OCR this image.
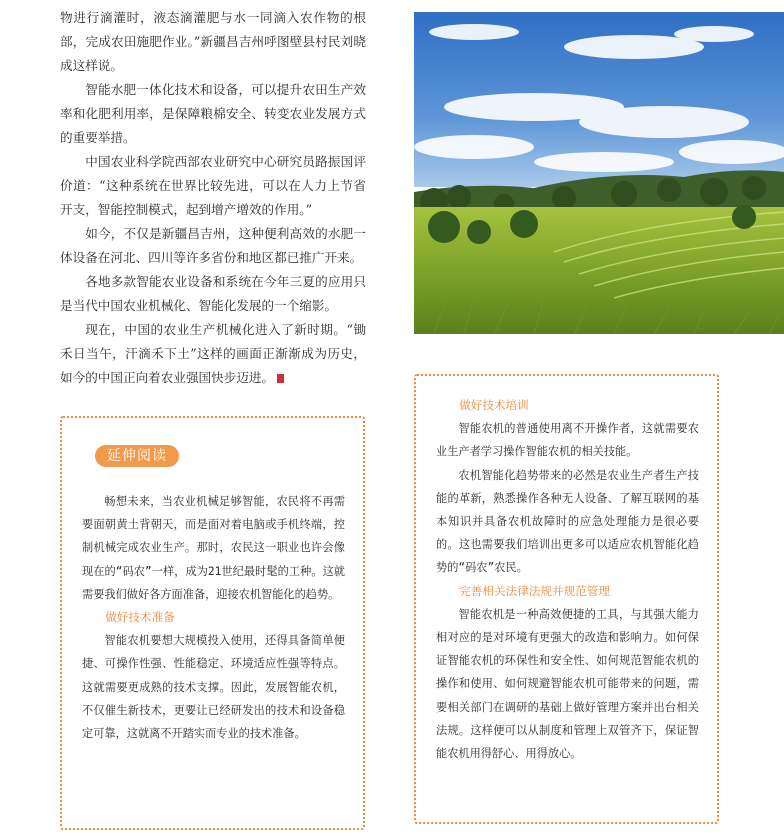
物进行滴灌时，液态滴灌肥与水一同滴入农作物的根部，完成农田施肥作业。”新疆昌吉州呼图壁县村民刘晓成这样说。

智能水肥一体化技术和设备，可以提升农田生产效率和化肥利用率，是保障粮棉安全、转变农业发展方式的重要举措。

中国农业科学院西部农业研究中心研究员路振国评价道：“这种系统在世界比较先进，可以在人力上节省开支，智能控制模式，起到增产增效的作用。”

如今，不仅是新疆昌吉州，这种便利高效的水肥一体设备在河北、四川等许多省份和地区都已推广开来。

各地多款智能农业设备和系统在今年三夏的应用只是当代中国农业机械化、智能化发展的一个缩影。

现在，中国的农业生产机械化进入了新时期。“锄禾日当午，汗滴禾下土”这样的画面正渐渐成为历史，如今的中国正向着农业强国快步迈进。

延伸阅读

畅想未来，当农业机械足够智能，农民将不再需要面朝黄土背朝天，而是面对着电脑或手机终端，控制机械完成农业生产。那时，农民这一职业也许会像现在的“码农”一样，成为21世纪最时髦的工种。这就需要我们做好各方面准备，迎接农机智能化的趋势。

做好技术准备

智能农机要想大规模投入使用，还得具备简单便捷、可操作性强、性能稳定、环境适应性强等特点。这就需要更成熟的技术支撑。因此，发展智能农机，不仅催生新技术，更要让已经研发出的技术和设备稳定可靠，这就离不开踏实而专业的技术准备。

做好技术培训

智能农机的普通使用离不开操作者，这就需要农业生产者学习操作智能农机的相关技能。

农机智能化趋势带来的必然是农业生产者生产技能的革新，熟悉操作各种无人设备、了解互联网的基本知识并具备农机故障时的应急处理能力是很必要的。这也需要我们培训出更多可以适应农机智能化趋势的“码农”农民。

完善相关法律法规并规范管理

智能农机是一种高效便捷的工具，与其强大能力相对应的是对环境有更强大的改造和影响力。如何保证智能农机的环保性和安全性、如何规范智能农机的操作和使用、如何规避智能农机可能带来的问题，需要相关部门在调研的基础上做好管理方案并出台相关法规。这样便可以从制度和管理上双管齐下，保证智能农机用得舒心、用得放心。
